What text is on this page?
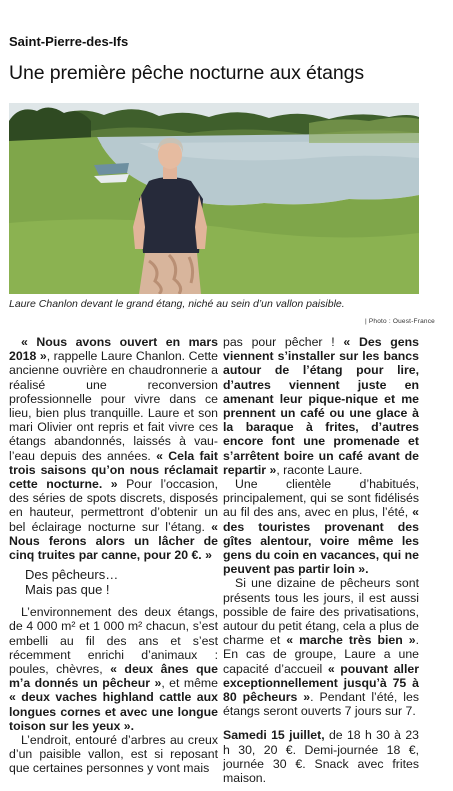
Saint-Pierre-des-Ifs
Une première pêche nocturne aux étangs
Laure Chanlon devant le grand étang, niché au sein d’un vallon paisible.
| Photo : Ouest-France

« Nous avons ouvert en mars 2018 », rappelle Laure Chanlon. Cette ancienne ouvrière en chaudronnerie a réalisé une reconversion professionnelle pour vivre dans ce lieu, bien plus tranquille. Laure et son mari Olivier ont repris et fait vivre ces étangs abandonnés, laissés à vau-l’eau depuis des années. « Cela fait trois saisons qu’on nous réclamait cette nocturne. » Pour l’occasion, des séries de spots discrets, disposés en hauteur, permettront d’obtenir un bel éclairage nocturne sur l’étang. « Nous ferons alors un lâcher de cinq truites par canne, pour 20 €. »

Des pêcheurs…
Mais pas que !

L’environnement des deux étangs, de 4 000 m² et 1 000 m² chacun, s’est embelli au fil des ans et s’est récemment enrichi d’animaux : poules, chèvres, « deux ânes que m’a donnés un pêcheur », et même « deux vaches highland cattle aux longues cornes et avec une longue toison sur les yeux ».

L’endroit, entouré d’arbres au creux d’un paisible vallon, est si reposant que certaines personnes y vont mais

pas pour pêcher ! « Des gens viennent s’installer sur les bancs autour de l’étang pour lire, d’autres viennent juste en amenant leur pique-nique et me prennent un café ou une glace à la baraque à frites, d’autres encore font une promenade et s’arrêtent boire un café avant de repartir », raconte Laure.

Une clientèle d’habitués, principalement, qui se sont fidélisés au fil des ans, avec en plus, l’été, « des touristes provenant des gîtes alentour, voire même les gens du coin en vacances, qui ne peuvent pas partir loin ».

Si une dizaine de pêcheurs sont présents tous les jours, il est aussi possible de faire des privatisations, autour du petit étang, cela a plus de charme et « marche très bien ». En cas de groupe, Laure a une capacité d’accueil « pouvant aller exceptionnellement jusqu’à 75 à 80 pêcheurs ». Pendant l’été, les étangs seront ouverts 7 jours sur 7.

Samedi 15 juillet, de 18 h 30 à 23 h 30, 20 €. Demi-journée 18 €, journée 30 €. Snack avec frites maison.
